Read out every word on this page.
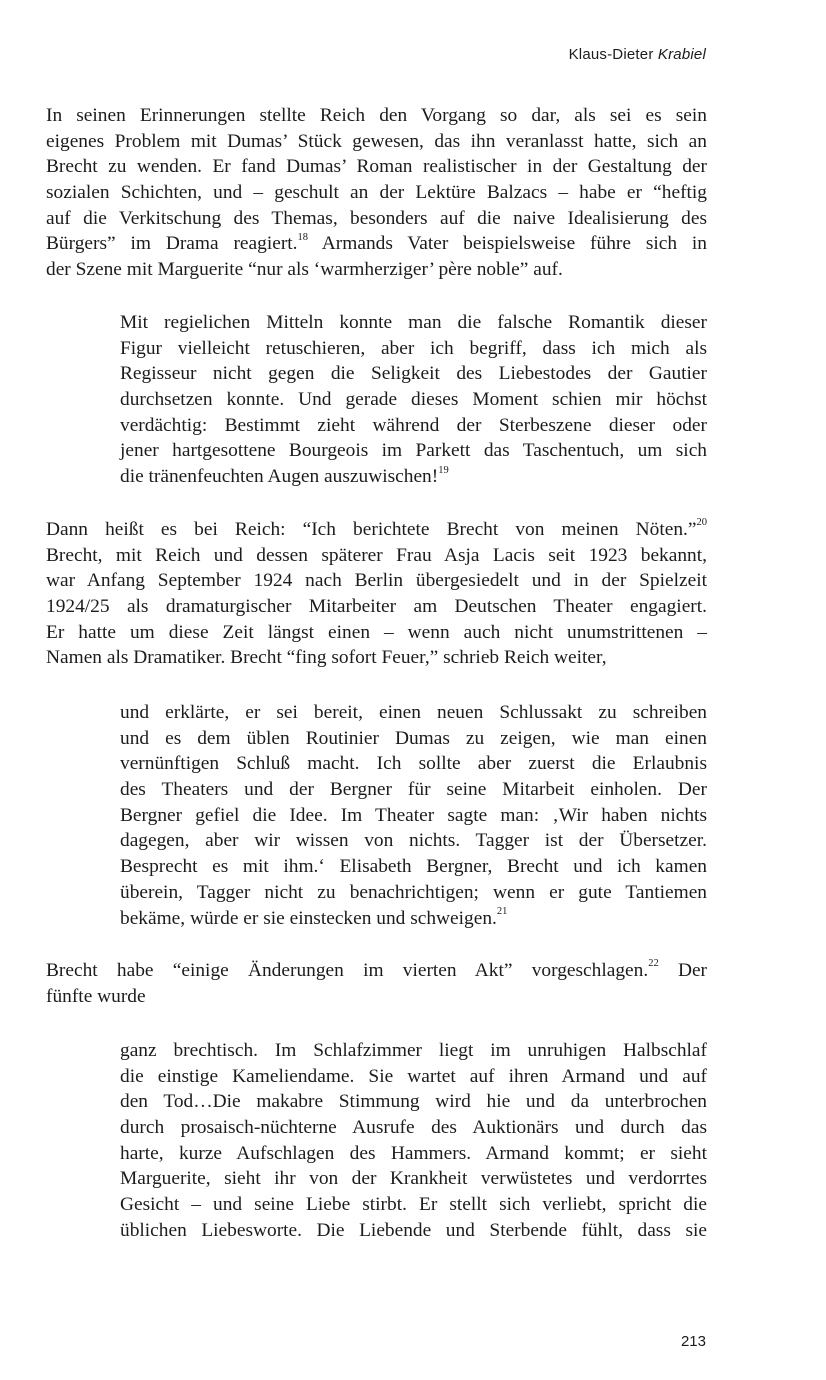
Klaus-Dieter Krabiel
In seinen Erinnerungen stellte Reich den Vorgang so dar, als sei es sein
eigenes Problem mit Dumas’ Stück gewesen, das ihn veranlasst hatte, sich an
Brecht zu wenden. Er fand Dumas’ Roman realistischer in der Gestaltung der
sozialen Schichten, und – geschult an der Lektüre Balzacs – habe er “heftig
auf die Verkitschung des Themas, besonders auf die naive Idealisierung des
Bürgers” im Drama reagiert.$^{18}$ Armands Vater beispielsweise führe sich in
der Szene mit Marguerite “nur als ‘warmherziger’ père noble” auf.
Mit regielichen Mitteln konnte man die falsche Romantik dieser
Figur vielleicht retuschieren, aber ich begriff, dass ich mich als
Regisseur nicht gegen die Seligkeit des Liebestodes der Gautier
durchsetzen konnte. Und gerade dieses Moment schien mir höchst
verdächtig: Bestimmt zieht während der Sterbeszene dieser oder
jener hartgesottene Bourgeois im Parkett das Taschentuch, um sich
die tränenfeuchten Augen auszuwischen!$^{19}$
Dann heißt es bei Reich: “Ich berichtete Brecht von meinen Nöten.”$^{20}$
Brecht, mit Reich und dessen späterer Frau Asja Lacis seit 1923 bekannt,
war Anfang September 1924 nach Berlin übergesiedelt und in der Spielzeit
1924/25 als dramaturgischer Mitarbeiter am Deutschen Theater engagiert.
Er hatte um diese Zeit längst einen – wenn auch nicht unumstrittenen –
Namen als Dramatiker. Brecht “fing sofort Feuer,” schrieb Reich weiter,
und erklärte, er sei bereit, einen neuen Schlussakt zu schreiben
und es dem üblen Routinier Dumas zu zeigen, wie man einen
vernünftigen Schluß macht. Ich sollte aber zuerst die Erlaubnis
des Theaters und der Bergner für seine Mitarbeit einholen. Der
Bergner gefiel die Idee. Im Theater sagte man: ‚Wir haben nichts
dagegen, aber wir wissen von nichts. Tagger ist der Übersetzer.
Besprecht es mit ihm.‘ Elisabeth Bergner, Brecht und ich kamen
überein, Tagger nicht zu benachrichtigen; wenn er gute Tantiemen
bekäme, würde er sie einstecken und schweigen.$^{21}$
Brecht habe “einige Änderungen im vierten Akt” vorgeschlagen.$^{22}$ Der
fünfte wurde
ganz brechtisch. Im Schlafzimmer liegt im unruhigen Halbschlaf
die einstige Kameliendame. Sie wartet auf ihren Armand und auf
den Tod…Die makabre Stimmung wird hie und da unterbrochen
durch prosaisch-nüchterne Ausrufe des Auktionärs und durch das
harte, kurze Aufschlagen des Hammers. Armand kommt; er sieht
Marguerite, sieht ihr von der Krankheit verwüstetes und verdorrtes
Gesicht – und seine Liebe stirbt. Er stellt sich verliebt, spricht die
üblichen Liebesworte. Die Liebende und Sterbende fühlt, dass sie
213
